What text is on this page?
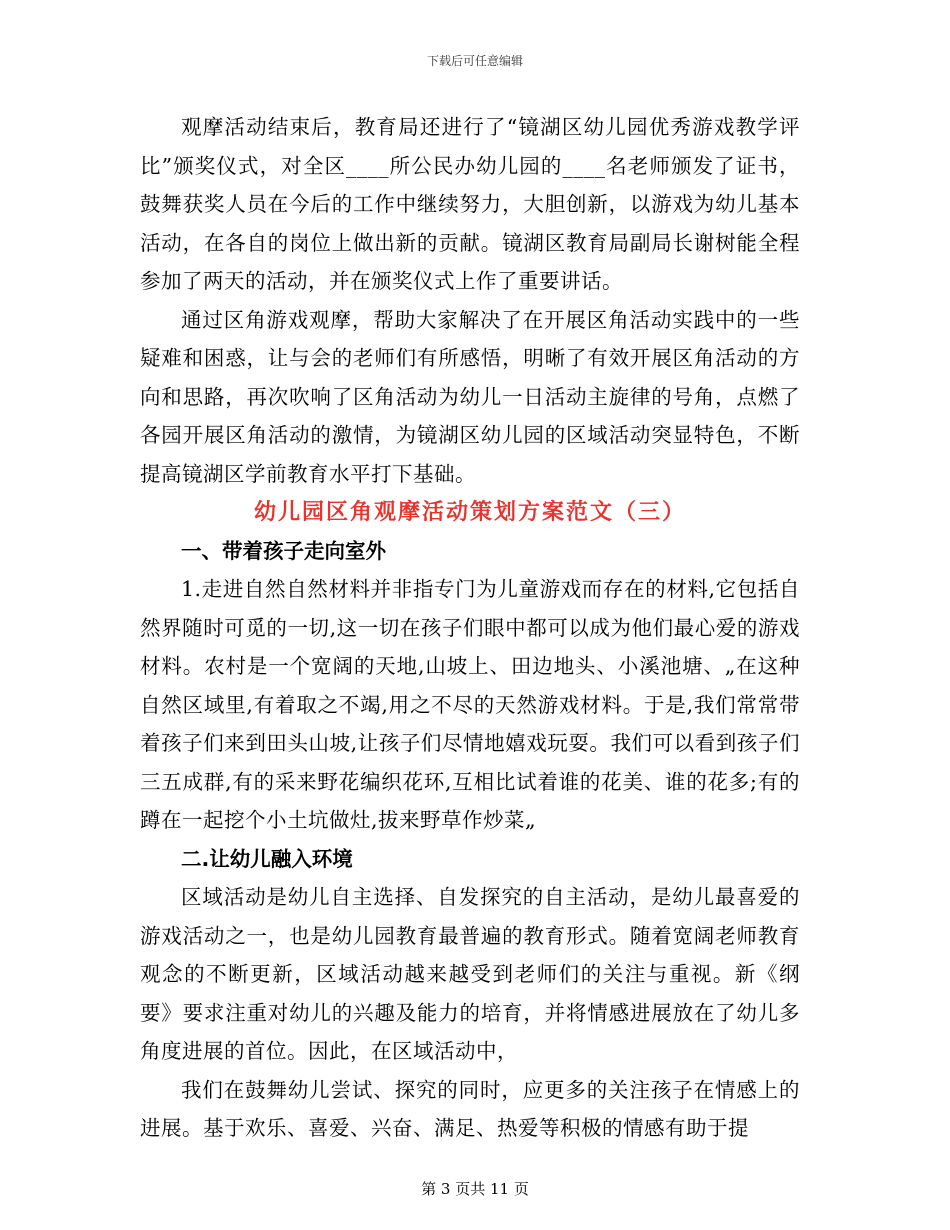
下载后可任意编辑

观摩活动结束后，教育局还进行了“镜湖区幼儿园优秀游戏教学评比”颁奖仪式，对全区____所公民办幼儿园的____名老师颁发了证书，鼓舞获奖人员在今后的工作中继续努力，大胆创新，以游戏为幼儿基本活动，在各自的岗位上做出新的贡献。镜湖区教育局副局长谢树能全程参加了两天的活动，并在颁奖仪式上作了重要讲话。

通过区角游戏观摩，帮助大家解决了在开展区角活动实践中的一些疑难和困惑，让与会的老师们有所感悟，明晰了有效开展区角活动的方向和思路，再次吹响了区角活动为幼儿一日活动主旋律的号角，点燃了各园开展区角活动的激情，为镜湖区幼儿园的区域活动突显特色，不断提高镜湖区学前教育水平打下基础。

幼儿园区角观摩活动策划方案范文（三）

一、带着孩子走向室外

1.走进自然自然材料并非指专门为儿童游戏而存在的材料,它包括自然界随时可觅的一切,这一切在孩子们眼中都可以成为他们最心爱的游戏材料。农村是一个宽阔的天地,山坡上、田边地头、小溪池塘、„在这种自然区域里,有着取之不竭,用之不尽的天然游戏材料。于是,我们常常带着孩子们来到田头山坡,让孩子们尽情地嬉戏玩耍。我们可以看到孩子们三五成群,有的采来野花编织花环,互相比试着谁的花美、谁的花多;有的蹲在一起挖个小土坑做灶,拔来野草作炒菜„

二.让幼儿融入环境

区域活动是幼儿自主选择、自发探究的自主活动，是幼儿最喜爱的游戏活动之一，也是幼儿园教育最普遍的教育形式。随着宽阔老师教育观念的不断更新，区域活动越来越受到老师们的关注与重视。新《纲要》要求注重对幼儿的兴趣及能力的培育，并将情感进展放在了幼儿多角度进展的首位。因此，在区域活动中，

我们在鼓舞幼儿尝试、探究的同时，应更多的关注孩子在情感上的进展。基于欢乐、喜爱、兴奋、满足、热爱等积极的情感有助于提

第 3 页共 11 页
